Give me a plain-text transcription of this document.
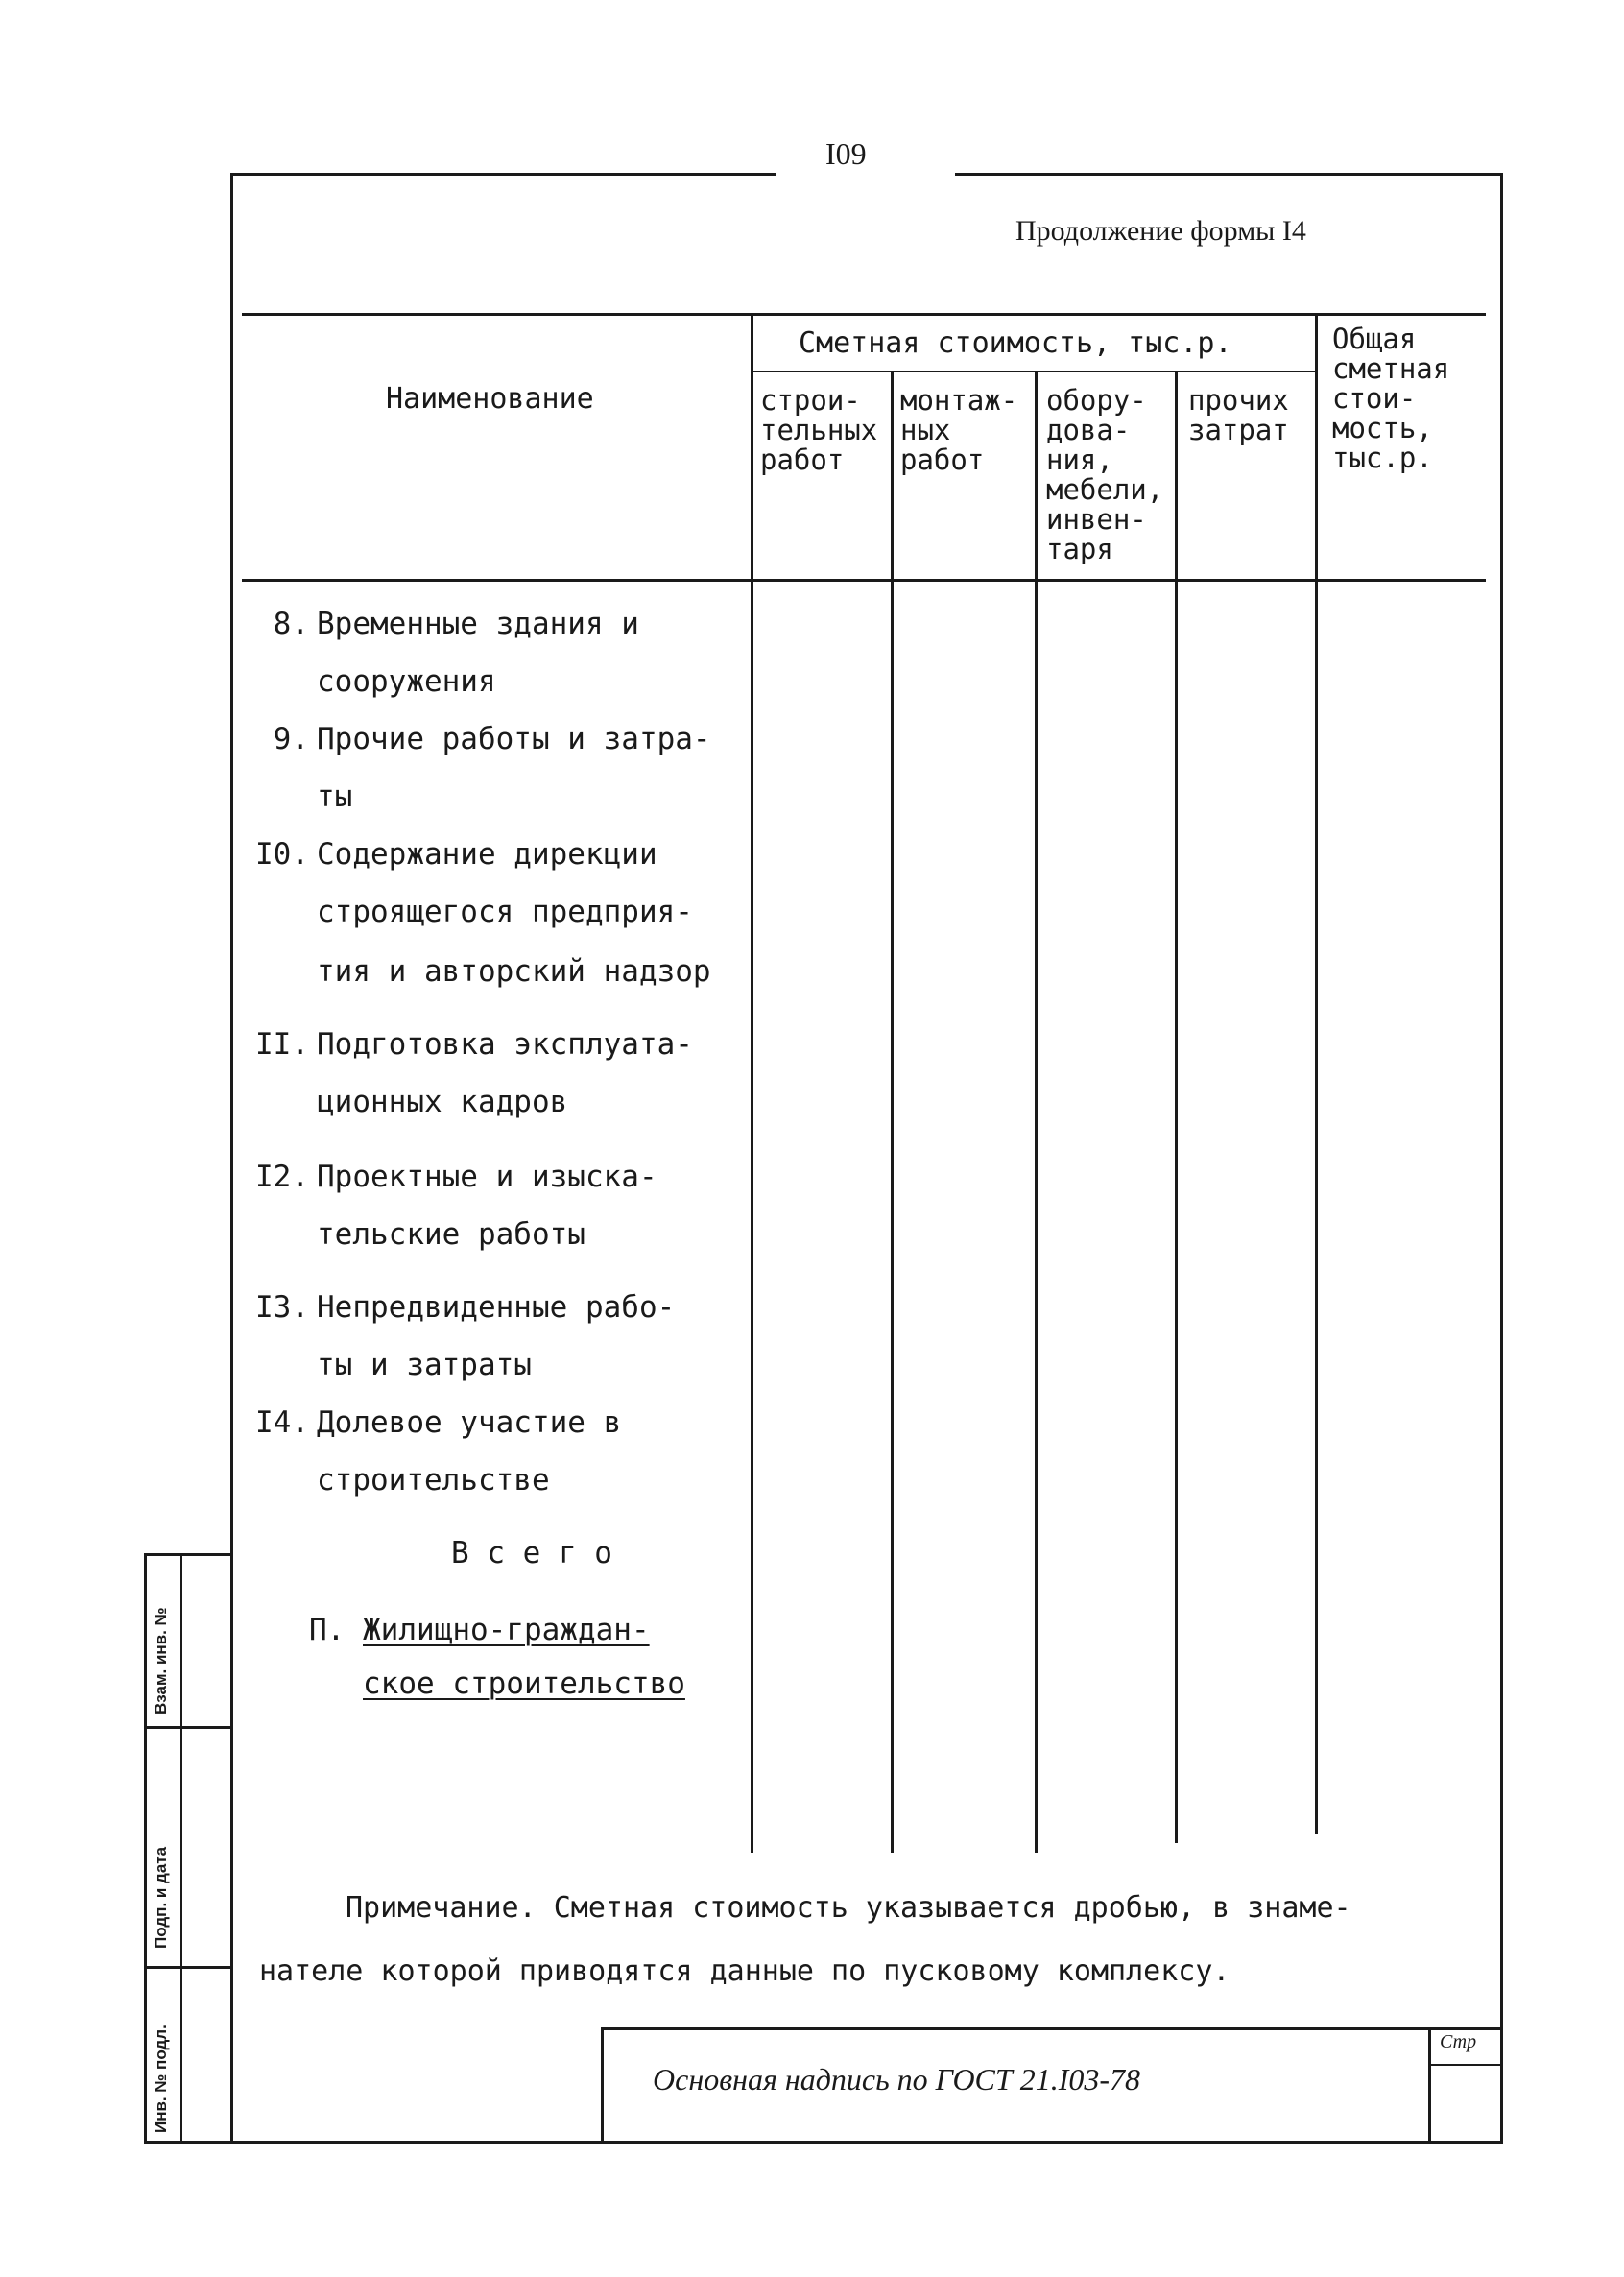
I09
Продолжение формы I4
Наименование
Сметная стоимость, тыс.р.
строи-
тельных
работ
монтаж-
ных
работ
обору-
дова-
ния,
мебели,
инвен-
таря
прочих
затрат
Общая
сметная
стои-
мость,
тыс.р.
8. Временные здания и
сооружения
9. Прочие работы и затра-
ты
I0. Содержание дирекции
строящегося предприя-
тия и авторский надзор
II. Подготовка эксплуата-
ционных кадров
I2. Проектные и изыска-
тельские работы
I3. Непредвиденные рабо-
ты и затраты
I4. Долевое участие в
строительстве
В с е г о
П. Жилищно-граждан-
ское строительство
Примечание. Сметная стоимость указывается дробью, в знаме-
нателе которой приводятся данные по пусковому комплексу.
Основная надпись по ГОСТ 21.I03-78
Стр
Взам. инв. №
Подп. и дата
Инв. № подл.
